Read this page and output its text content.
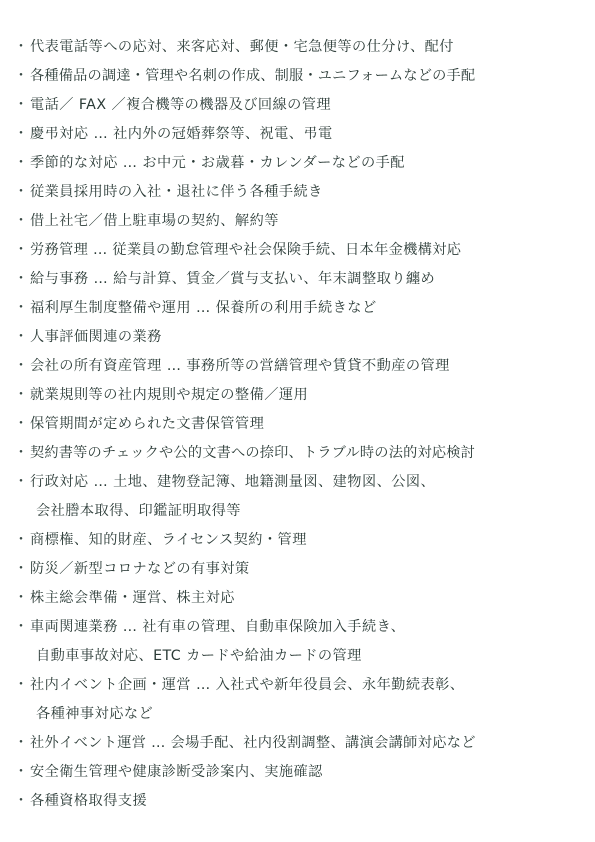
・ 代表電話等への応対、来客応対、郵便・宅急便等の仕分け、配付
・ 各種備品の調達・管理や名刺の作成、制服・ユニフォームなどの手配
・ 電話／ FAX ／複合機等の機器及び回線の管理
・ 慶弔対応 … 社内外の冠婚葬祭等、祝電、弔電
・ 季節的な対応 … お中元・お歳暮・カレンダーなどの手配
・ 従業員採用時の入社・退社に伴う各種手続き
・ 借上社宅／借上駐車場の契約、解約等
・ 労務管理 … 従業員の勤怠管理や社会保険手続、日本年金機構対応
・ 給与事務 … 給与計算、賃金／賞与支払い、年末調整取り纏め
・ 福利厚生制度整備や運用 … 保養所の利用手続きなど
・ 人事評価関連の業務
・ 会社の所有資産管理 … 事務所等の営繕管理や賃貸不動産の管理
・ 就業規則等の社内規則や規定の整備／運用
・ 保管期間が定められた文書保管管理
・ 契約書等のチェックや公的文書への捺印、トラブル時の法的対応検討
・ 行政対応 … 土地、建物登記簿、地籍測量図、建物図、公図、
会社謄本取得、印鑑証明取得等
・ 商標権、知的財産、ライセンス契約・管理
・ 防災／新型コロナなどの有事対策
・ 株主総会準備・運営、株主対応
・ 車両関連業務 … 社有車の管理、自動車保険加入手続き、
自動車事故対応、ETC カードや給油カードの管理
・ 社内イベント企画・運営 … 入社式や新年役員会、永年勤続表彰、
各種神事対応など
・ 社外イベント運営 … 会場手配、社内役割調整、講演会講師対応など
・ 安全衛生管理や健康診断受診案内、実施確認
・ 各種資格取得支援
